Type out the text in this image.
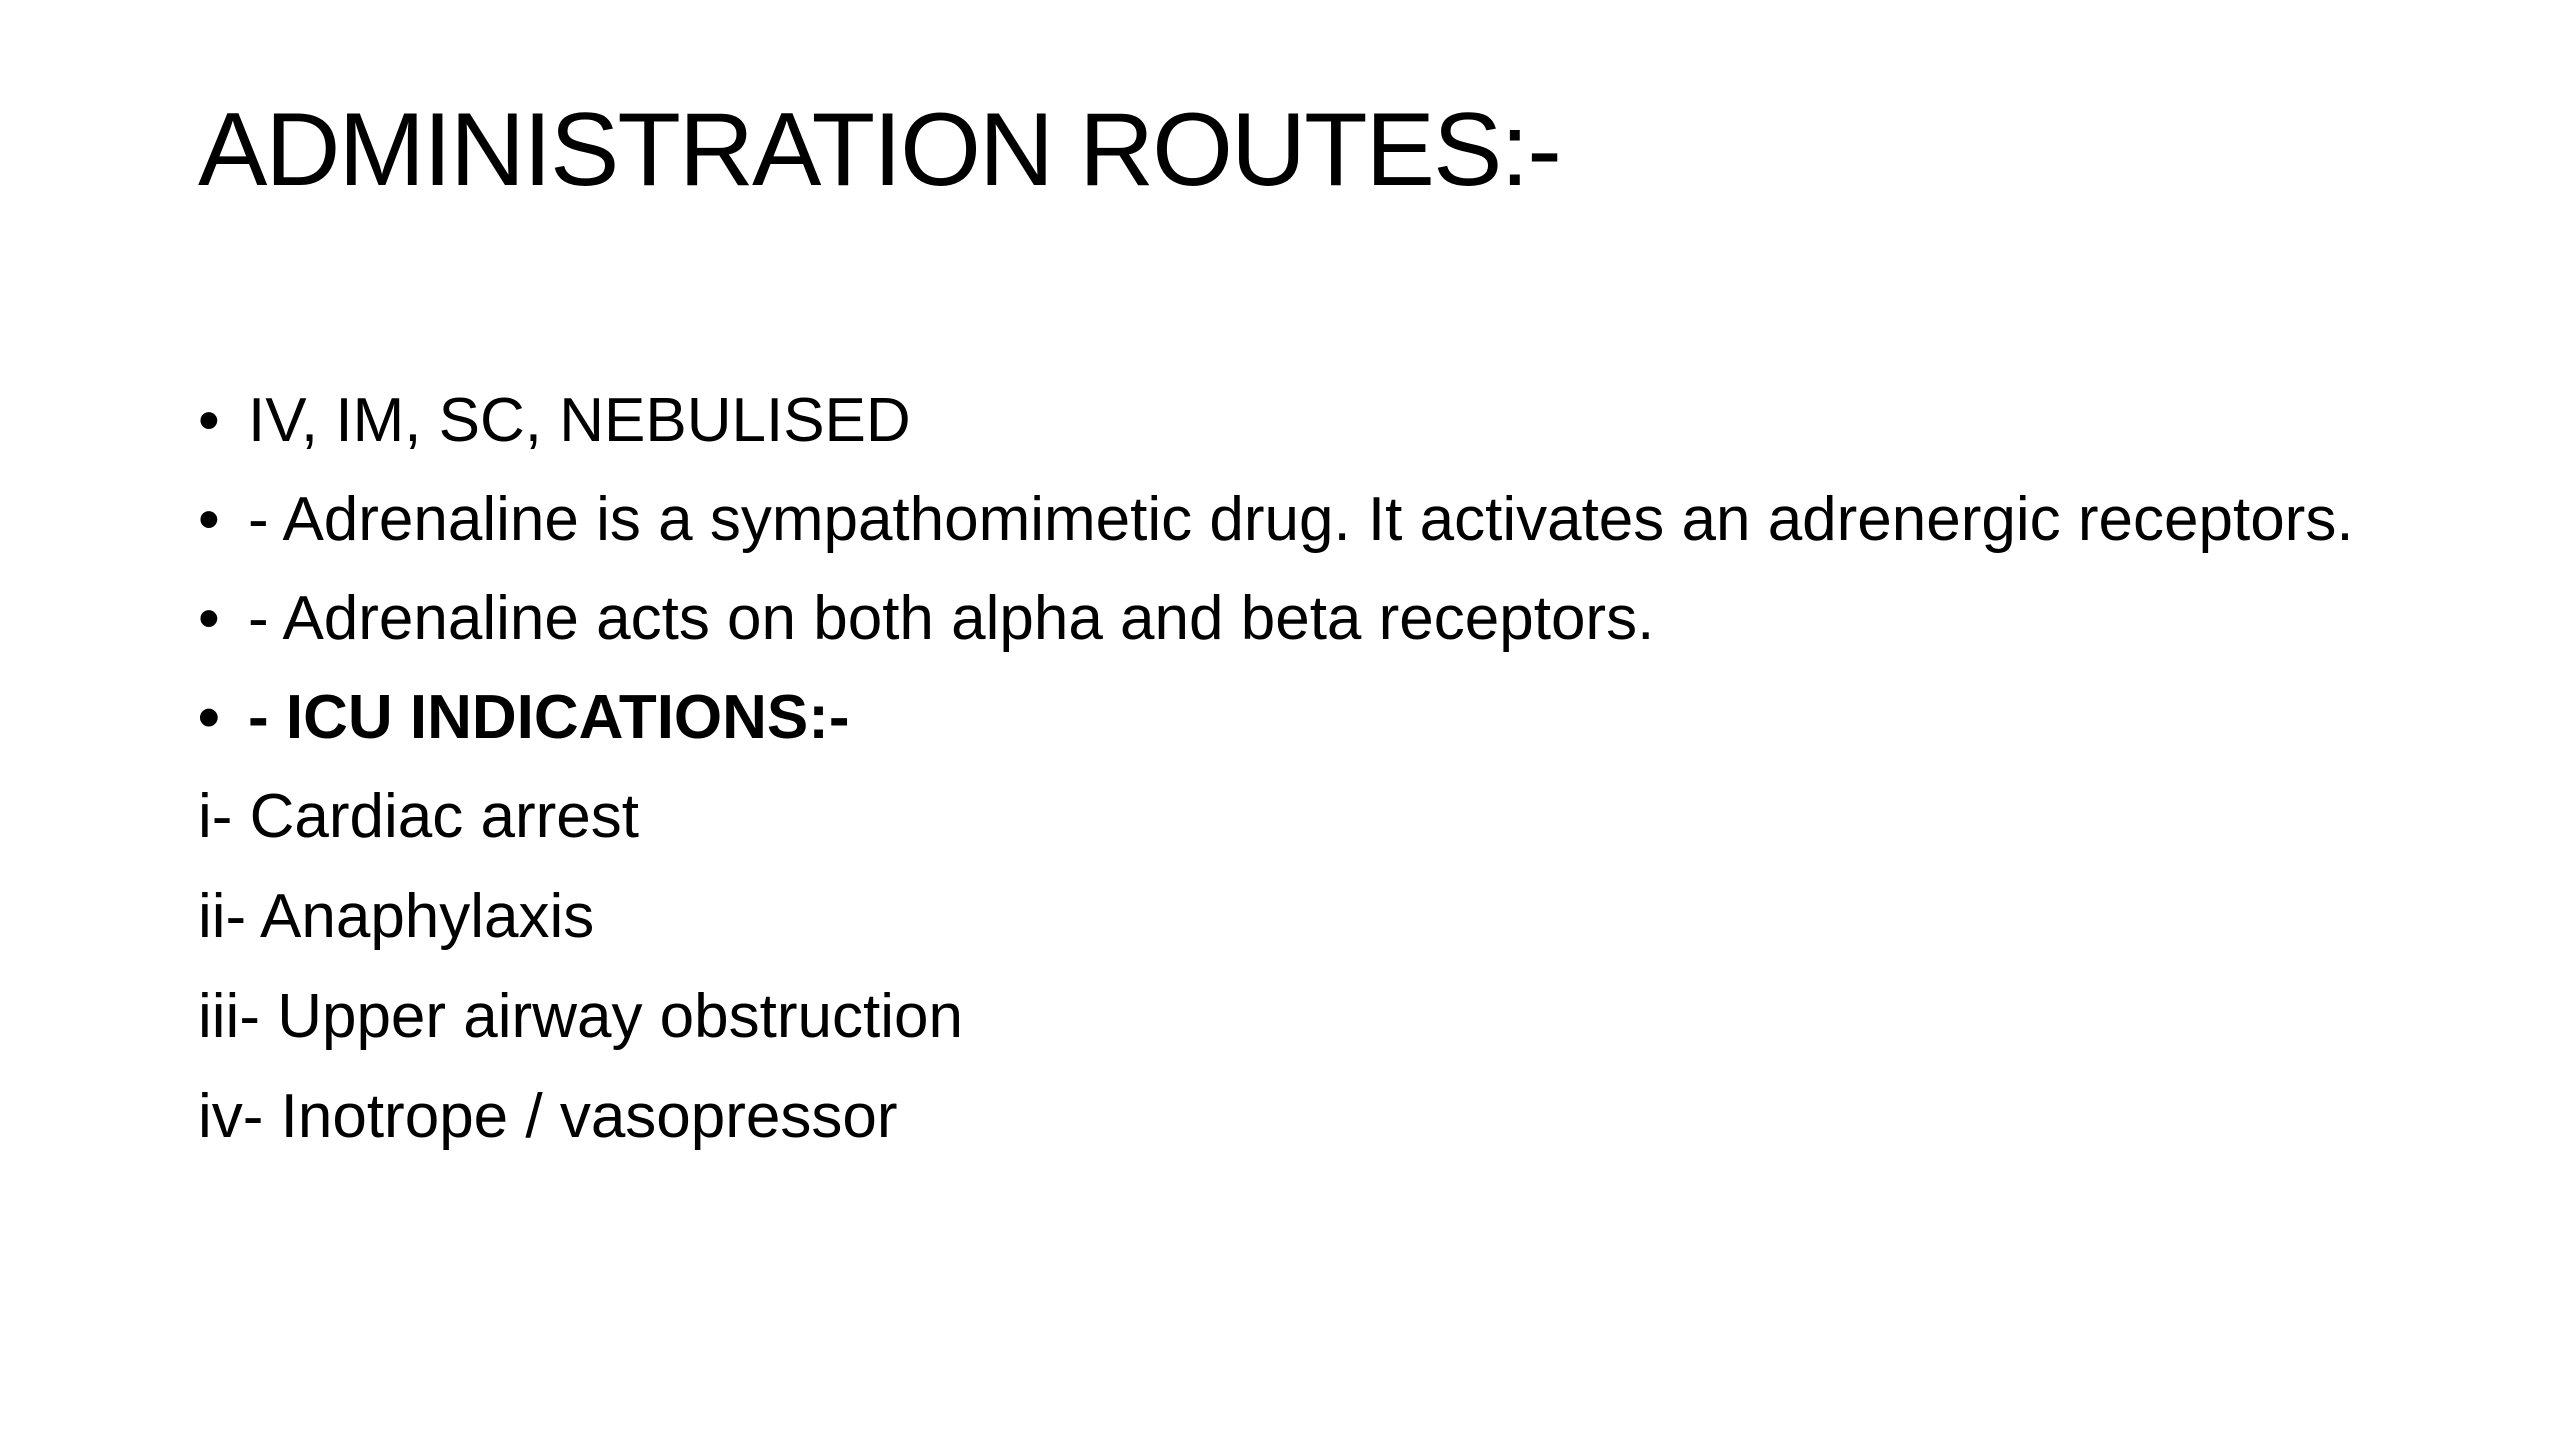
ADMINISTRATION ROUTES:-
• IV, IM, SC, NEBULISED
• - Adrenaline is a sympathomimetic drug. It activates an adrenergic receptors.
• - Adrenaline acts on both alpha and beta receptors.
• - ICU INDICATIONS:-
i- Cardiac arrest
ii- Anaphylaxis
iii- Upper airway obstruction
iv- Inotrope / vasopressor
